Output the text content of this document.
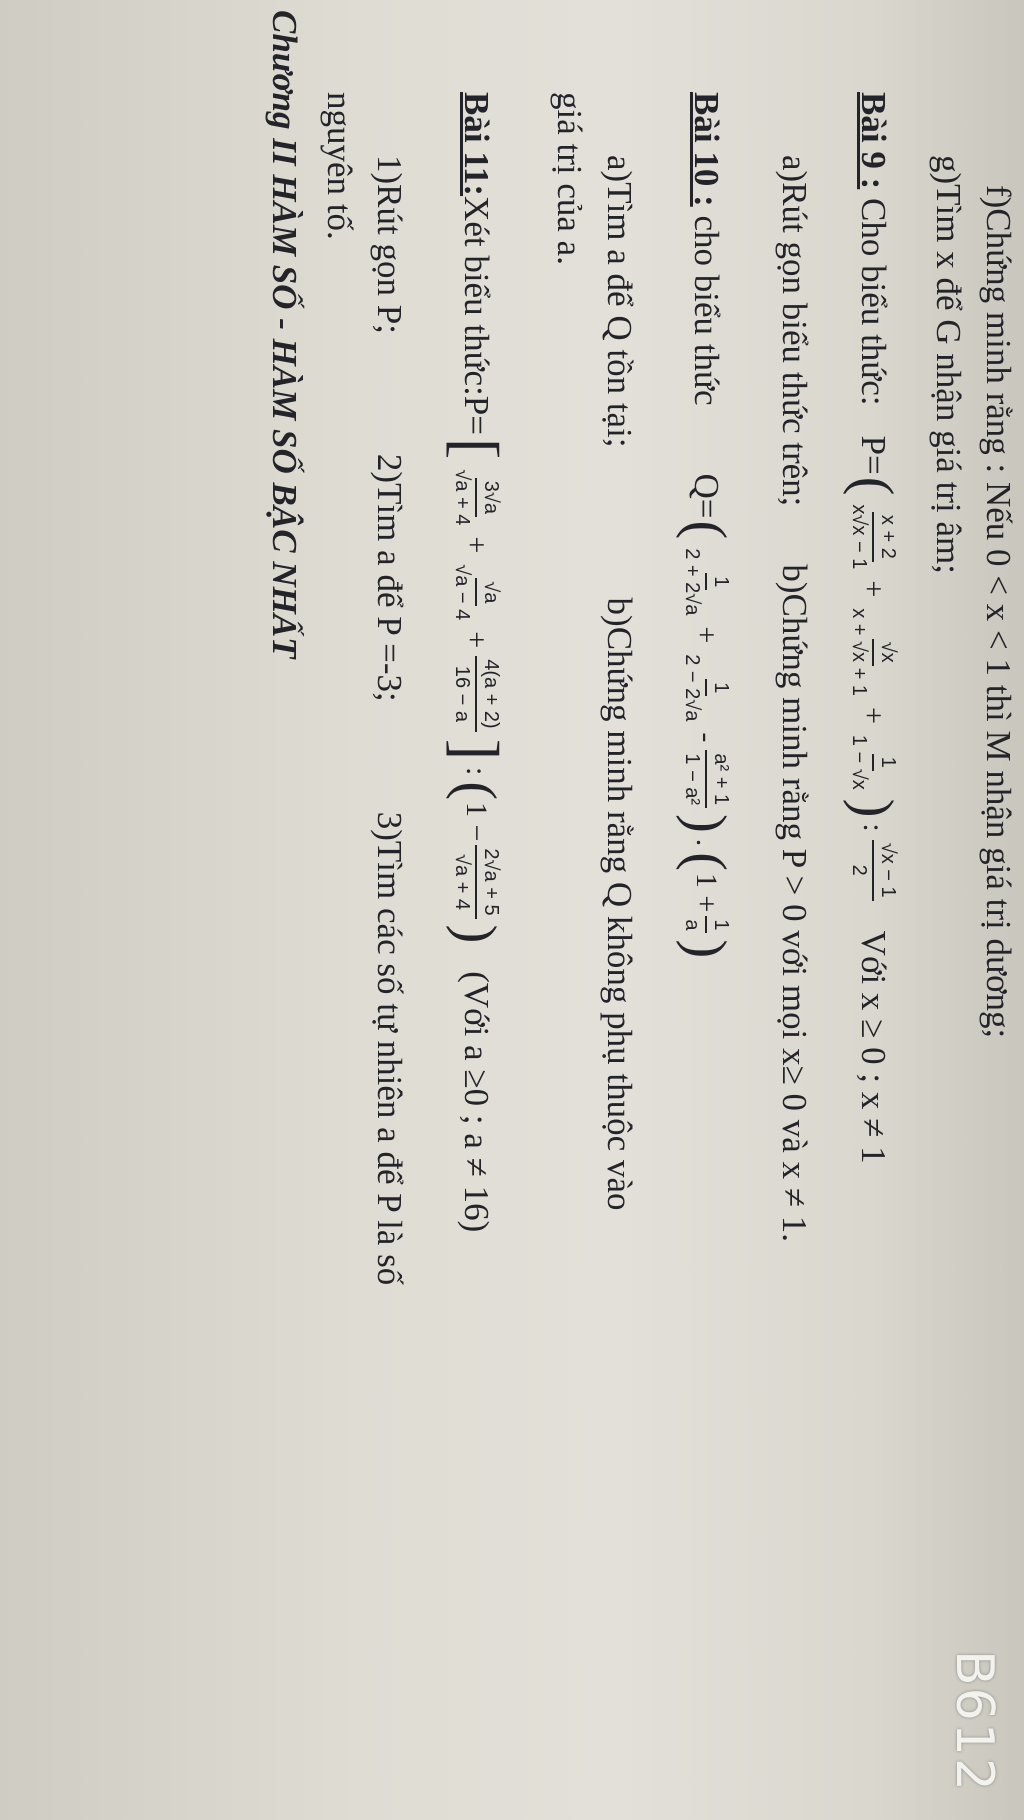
f)Chứng minh rằng : Nếu 0 < x < 1 thì M nhận giá trị dương;
g)Tìm x để G nhận giá trị âm;
Bài 9 :

Cho biểu thức:
P=
(
x + 2
x√x − 1
+
√x
x + √x + 1
+
1
1 − √x
)
:
√x − 1
2
Với x ≥ 0 ; x ≠ 1
a)Rút gọn biểu thức trên;
b)Chứng minh rằng P > 0 với mọi x≥ 0 và x ≠ 1.
Bài 10 :

cho biểu thức
Q=
(
1
2 + 2√a
+
1
2 − 2√a
-
a² + 1
1 − a²
)
.
(
1 +
1
a
)
a)Tìm a để Q tồn tại;
b)Chứng minh rằng Q không phụ thuộc vào
giá trị của a.
Bài 11:
Xét biểu thức:
P=
[
3√a
√a + 4
+
√a
√a − 4
+
4(a + 2)
16 − a
]
:
(
1 −
2√a + 5
√a + 4
)
(Với a ≥0 ; a ≠ 16)
1)Rút gọn P;
2)Tìm a để P =-3;
3)Tìm các số tự nhiên a để P là số
nguyên tố.
Chương II HÀM SỐ - HÀM SỐ BẬC NHẤT
B612
